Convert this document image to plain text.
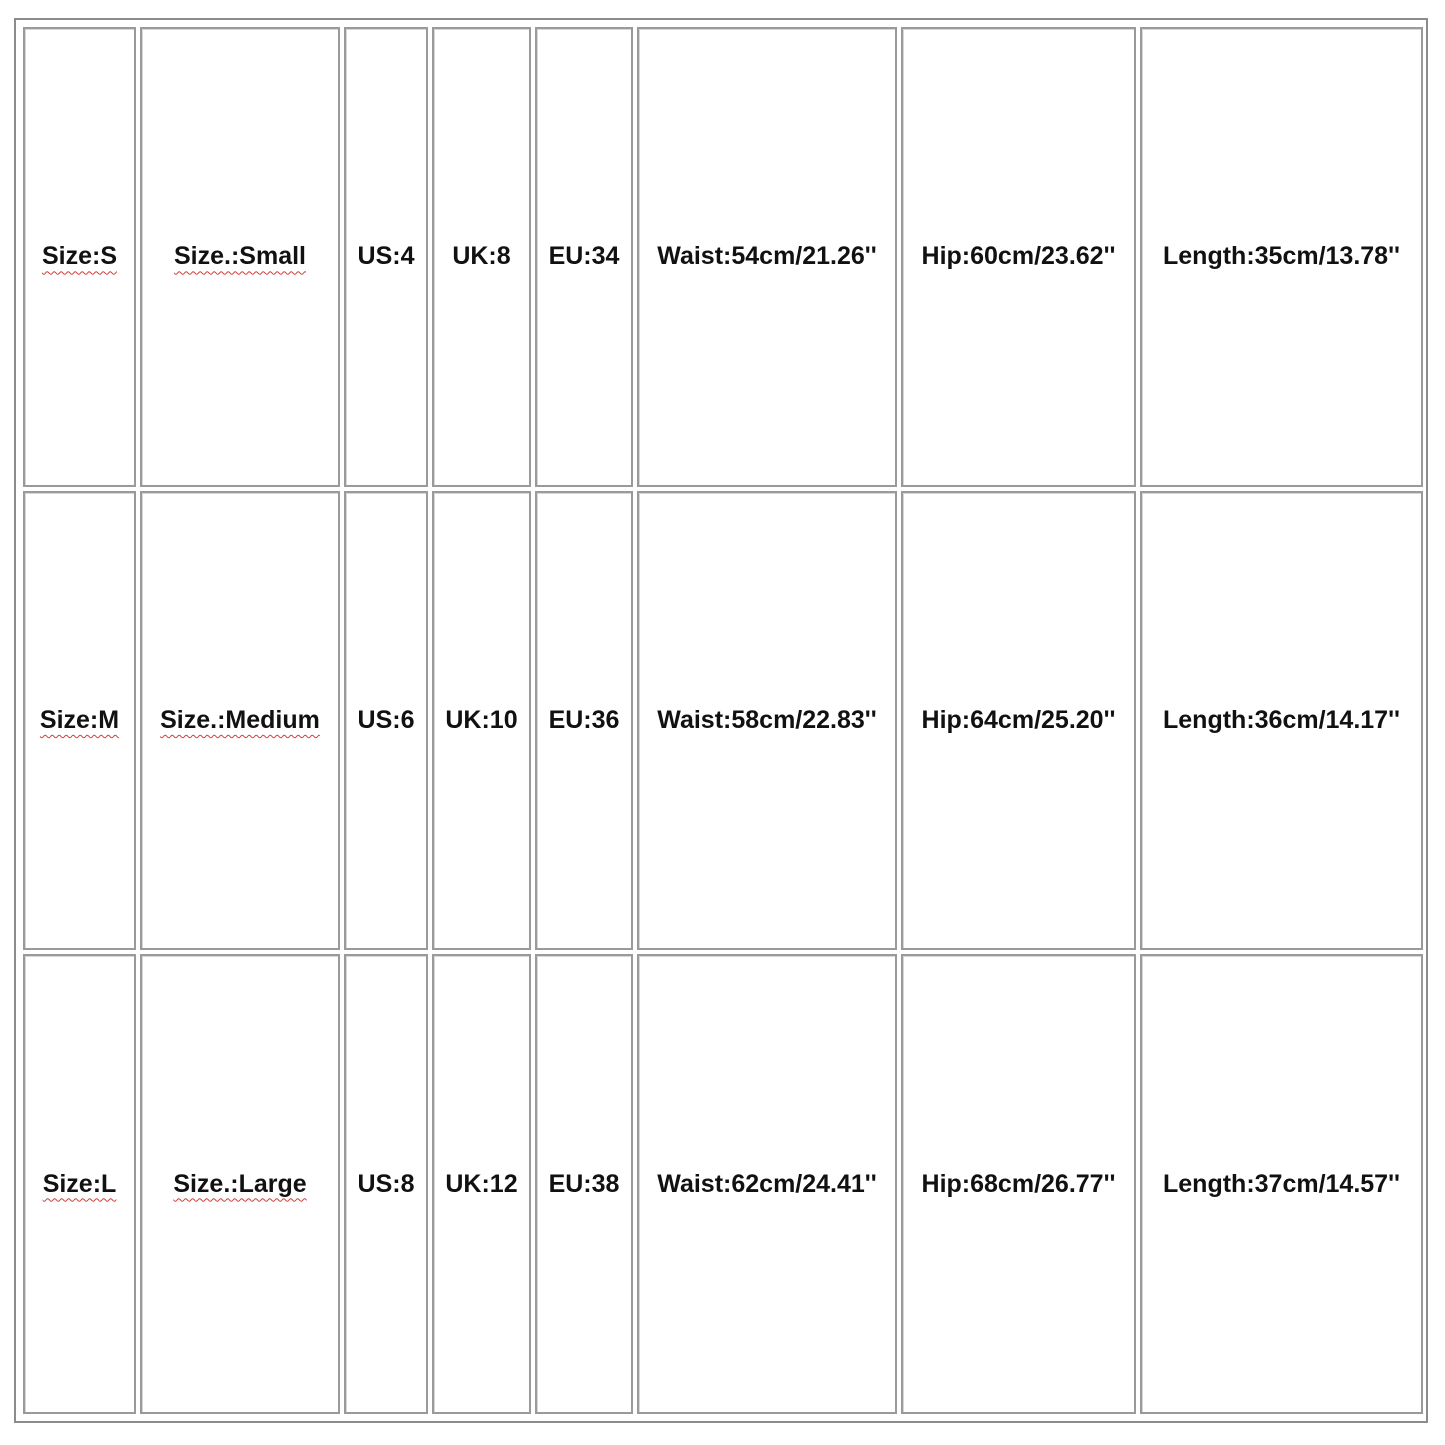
Size:S	Size.:Small	US:4	UK:8	EU:34	Waist:54cm/21.26''	Hip:60cm/23.62''	Length:35cm/13.78''
Size:M	Size.:Medium	US:6	UK:10	EU:36	Waist:58cm/22.83''	Hip:64cm/25.20''	Length:36cm/14.17''
Size:L	Size.:Large	US:8	UK:12	EU:38	Waist:62cm/24.41''	Hip:68cm/26.77''	Length:37cm/14.57''
